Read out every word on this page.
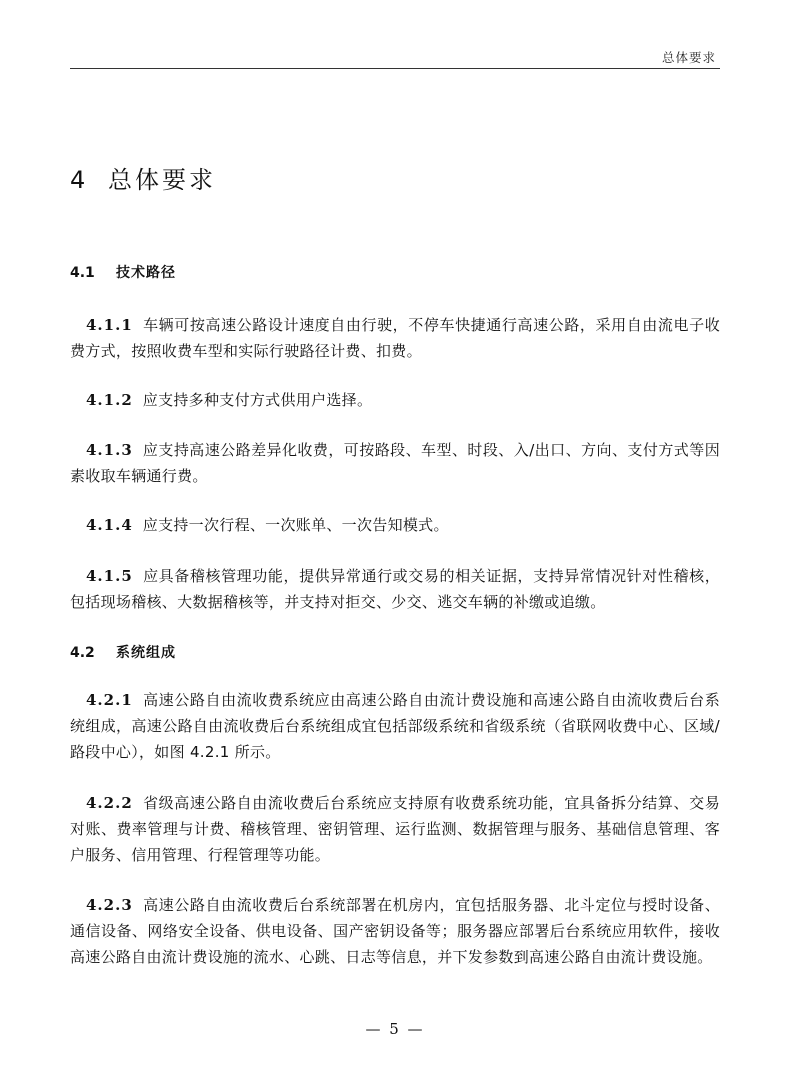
总体要求
4 总体要求
4.1 技术路径
4.1.1 车辆可按高速公路设计速度自由行驶，不停车快捷通行高速公路，采用自由流电子收费方式，按照收费车型和实际行驶路径计费、扣费。
4.1.2 应支持多种支付方式供用户选择。
4.1.3 应支持高速公路差异化收费，可按路段、车型、时段、入/出口、方向、支付方式等因素收取车辆通行费。
4.1.4 应支持一次行程、一次账单、一次告知模式。
4.1.5 应具备稽核管理功能，提供异常通行或交易的相关证据，支持异常情况针对性稽核，包括现场稽核、大数据稽核等，并支持对拒交、少交、逃交车辆的补缴或追缴。
4.2 系统组成
4.2.1 高速公路自由流收费系统应由高速公路自由流计费设施和高速公路自由流收费后台系统组成，高速公路自由流收费后台系统组成宜包括部级系统和省级系统（省联网收费中心、区域/路段中心），如图 4.2.1 所示。
4.2.2 省级高速公路自由流收费后台系统应支持原有收费系统功能，宜具备拆分结算、交易对账、费率管理与计费、稽核管理、密钥管理、运行监测、数据管理与服务、基础信息管理、客户服务、信用管理、行程管理等功能。
4.2.3 高速公路自由流收费后台系统部署在机房内，宜包括服务器、北斗定位与授时设备、通信设备、网络安全设备、供电设备、国产密钥设备等；服务器应部署后台系统应用软件，接收高速公路自由流计费设施的流水、心跳、日志等信息，并下发参数到高速公路自由流计费设施。
— 5 —
